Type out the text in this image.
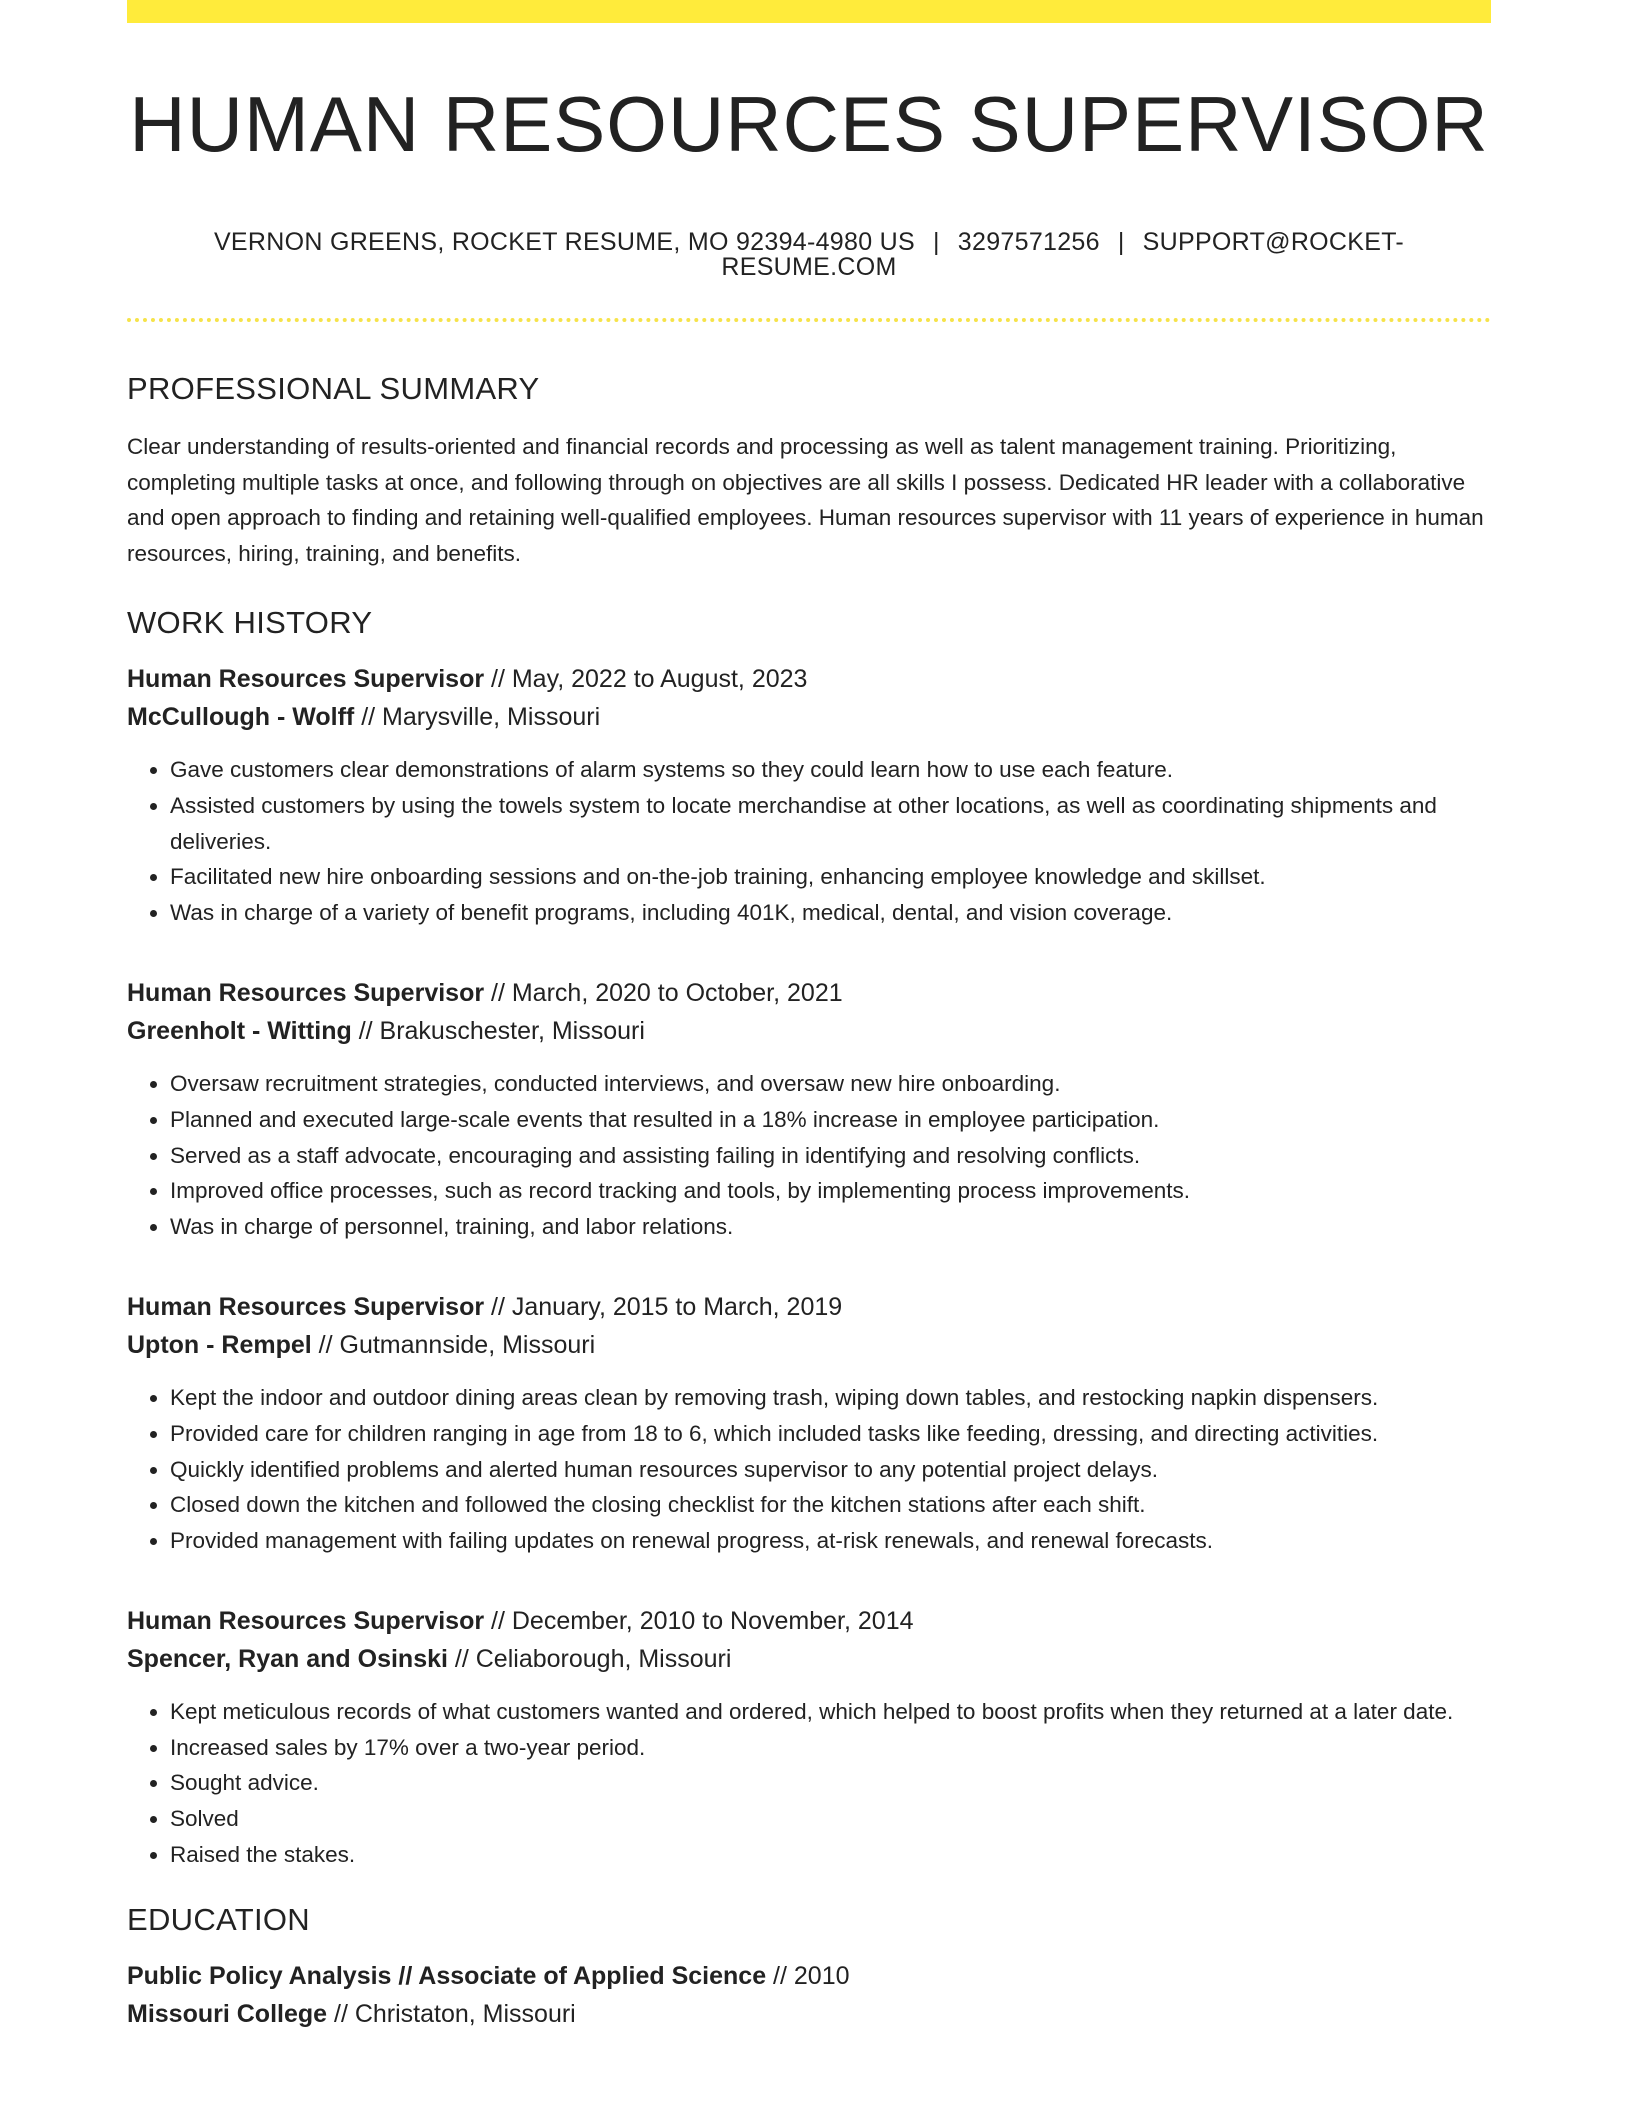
HUMAN RESOURCES SUPERVISOR
VERNON GREENS, ROCKET RESUME, MO 92394-4980 US | 3297571256 | SUPPORT@ROCKET-RESUME.COM
PROFESSIONAL SUMMARY
Clear understanding of results-oriented and financial records and processing as well as talent management training. Prioritizing, completing multiple tasks at once, and following through on objectives are all skills I possess. Dedicated HR leader with a collaborative and open approach to finding and retaining well-qualified employees. Human resources supervisor with 11 years of experience in human resources, hiring, training, and benefits.
WORK HISTORY
Human Resources Supervisor // May, 2022 to August, 2023
McCullough - Wolff // Marysville, Missouri
• Gave customers clear demonstrations of alarm systems so they could learn how to use each feature.
• Assisted customers by using the towels system to locate merchandise at other locations, as well as coordinating shipments and deliveries.
• Facilitated new hire onboarding sessions and on-the-job training, enhancing employee knowledge and skillset.
• Was in charge of a variety of benefit programs, including 401K, medical, dental, and vision coverage.
Human Resources Supervisor // March, 2020 to October, 2021
Greenholt - Witting // Brakuschester, Missouri
• Oversaw recruitment strategies, conducted interviews, and oversaw new hire onboarding.
• Planned and executed large-scale events that resulted in a 18% increase in employee participation.
• Served as a staff advocate, encouraging and assisting failing in identifying and resolving conflicts.
• Improved office processes, such as record tracking and tools, by implementing process improvements.
• Was in charge of personnel, training, and labor relations.
Human Resources Supervisor // January, 2015 to March, 2019
Upton - Rempel // Gutmannside, Missouri
• Kept the indoor and outdoor dining areas clean by removing trash, wiping down tables, and restocking napkin dispensers.
• Provided care for children ranging in age from 18 to 6, which included tasks like feeding, dressing, and directing activities.
• Quickly identified problems and alerted human resources supervisor to any potential project delays.
• Closed down the kitchen and followed the closing checklist for the kitchen stations after each shift.
• Provided management with failing updates on renewal progress, at-risk renewals, and renewal forecasts.
Human Resources Supervisor // December, 2010 to November, 2014
Spencer, Ryan and Osinski // Celiaborough, Missouri
• Kept meticulous records of what customers wanted and ordered, which helped to boost profits when they returned at a later date.
• Increased sales by 17% over a two-year period.
• Sought advice.
• Solved
• Raised the stakes.
EDUCATION
Public Policy Analysis // Associate of Applied Science // 2010
Missouri College // Christaton, Missouri
